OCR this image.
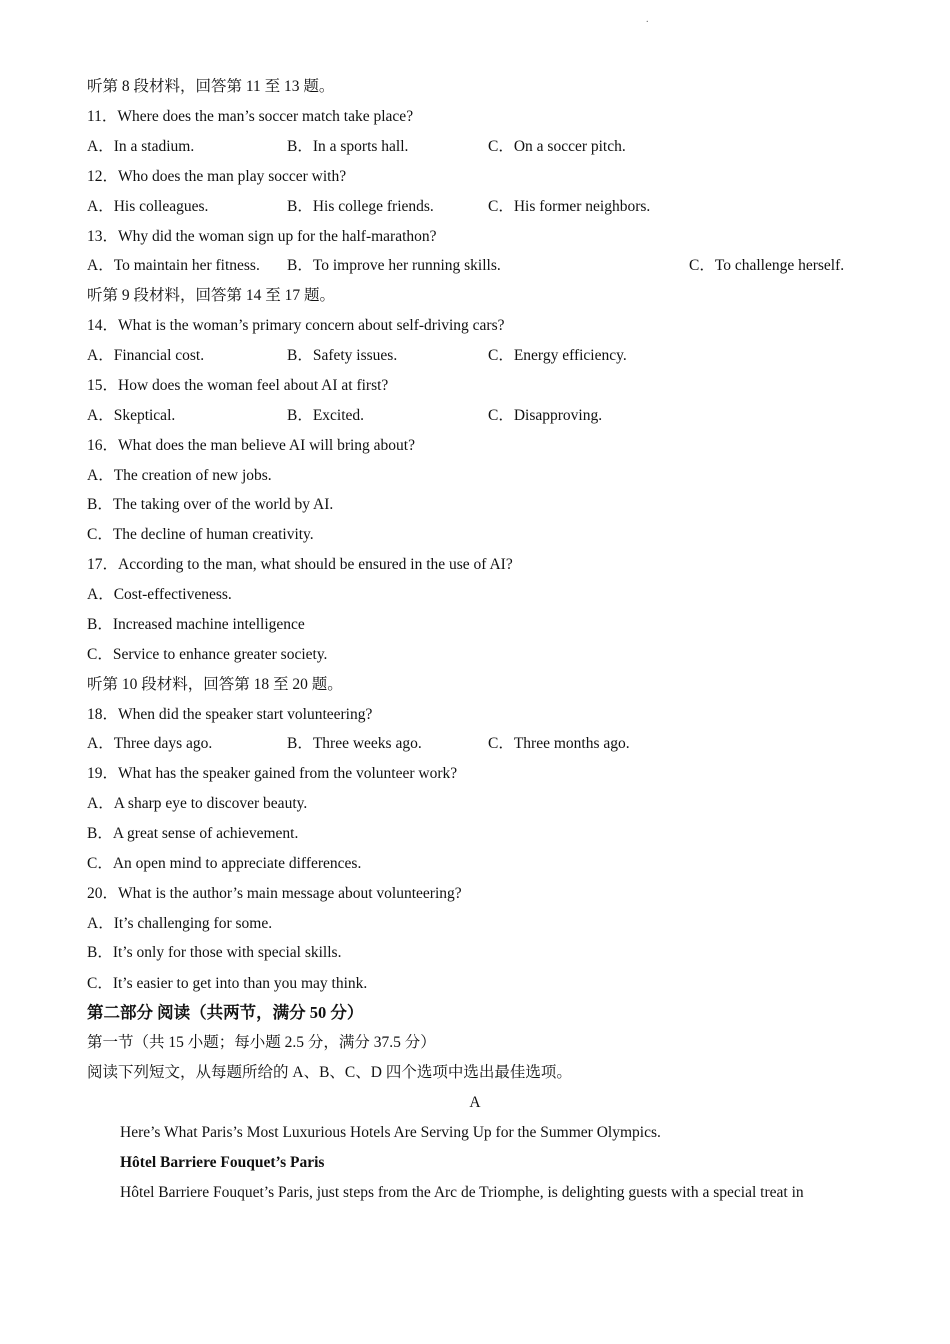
.
听第 8 段材料，回答第 11 至 13 题。
11．Where does the man’s soccer match take place?
A．In a stadium.	B．In a sports hall.	C．On a soccer pitch.
12．Who does the man play soccer with?
A．His colleagues.	B．His college friends.	C．His former neighbors.
13．Why did the woman sign up for the half-marathon?
A．To maintain her fitness. B．To improve her running skills.	C．To challenge herself.
听第 9 段材料，回答第 14 至 17 题。
14．What is the woman’s primary concern about self-driving cars?
A．Financial cost.	B．Safety issues.	C．Energy efficiency.
15．How does the woman feel about AI at first?
A．Skeptical.	B．Excited.	C．Disapproving.
16．What does the man believe AI will bring about?
A．The creation of new jobs.
B．The taking over of the world by AI.
C．The decline of human creativity.
17．According to the man, what should be ensured in the use of AI?
A．Cost-effectiveness.
B．Increased machine intelligence
C．Service to enhance greater society.
听第 10 段材料，回答第 18 至 20 题。
18．When did the speaker start volunteering?
A．Three days ago.	B．Three weeks ago.	C．Three months ago.
19．What has the speaker gained from the volunteer work?
A．A sharp eye to discover beauty.
B．A great sense of achievement.
C．An open mind to appreciate differences.
20．What is the author’s main message about volunteering?
A．It’s challenging for some.
B．It’s only for those with special skills.
C．It’s easier to get into than you may think.
第二部分 阅读（共两节，满分 50 分）
第一节（共 15 小题；每小题 2.5 分，满分 37.5 分）
阅读下列短文，从每题所给的 A、B、C、D 四个选项中选出最佳选项。
A
Here’s What Paris’s Most Luxurious Hotels Are Serving Up for the Summer Olympics.
Hôtel Barriere Fouquet’s Paris
Hôtel Barriere Fouquet’s Paris, just steps from the Arc de Triomphe, is delighting guests with a special treat in
